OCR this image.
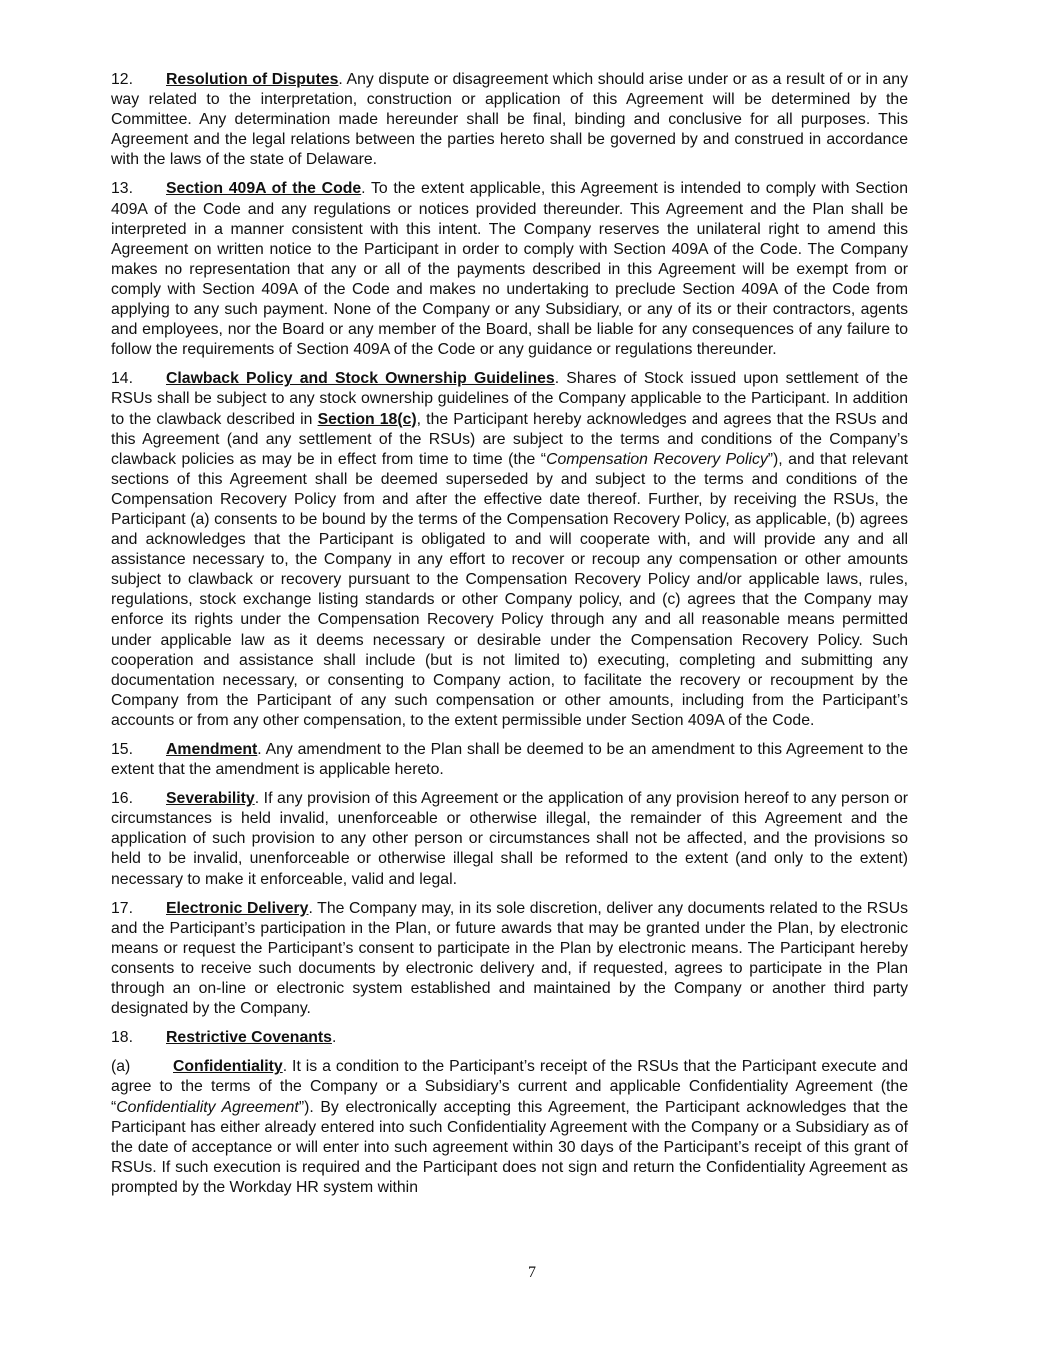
12. Resolution of Disputes. Any dispute or disagreement which should arise under or as a result of or in any way related to the interpretation, construction or application of this Agreement will be determined by the Committee. Any determination made hereunder shall be final, binding and conclusive for all purposes. This Agreement and the legal relations between the parties hereto shall be governed by and construed in accordance with the laws of the state of Delaware.

13. Section 409A of the Code. To the extent applicable, this Agreement is intended to comply with Section 409A of the Code and any regulations or notices provided thereunder. This Agreement and the Plan shall be interpreted in a manner consistent with this intent. The Company reserves the unilateral right to amend this Agreement on written notice to the Participant in order to comply with Section 409A of the Code. The Company makes no representation that any or all of the payments described in this Agreement will be exempt from or comply with Section 409A of the Code and makes no undertaking to preclude Section 409A of the Code from applying to any such payment. None of the Company or any Subsidiary, or any of its or their contractors, agents and employees, nor the Board or any member of the Board, shall be liable for any consequences of any failure to follow the requirements of Section 409A of the Code or any guidance or regulations thereunder.

14. Clawback Policy and Stock Ownership Guidelines. Shares of Stock issued upon settlement of the RSUs shall be subject to any stock ownership guidelines of the Company applicable to the Participant. In addition to the clawback described in Section 18(c), the Participant hereby acknowledges and agrees that the RSUs and this Agreement (and any settlement of the RSUs) are subject to the terms and conditions of the Company’s clawback policies as may be in effect from time to time (the “Compensation Recovery Policy”), and that relevant sections of this Agreement shall be deemed superseded by and subject to the terms and conditions of the Compensation Recovery Policy from and after the effective date thereof. Further, by receiving the RSUs, the Participant (a) consents to be bound by the terms of the Compensation Recovery Policy, as applicable, (b) agrees and acknowledges that the Participant is obligated to and will cooperate with, and will provide any and all assistance necessary to, the Company in any effort to recover or recoup any compensation or other amounts subject to clawback or recovery pursuant to the Compensation Recovery Policy and/or applicable laws, rules, regulations, stock exchange listing standards or other Company policy, and (c) agrees that the Company may enforce its rights under the Compensation Recovery Policy through any and all reasonable means permitted under applicable law as it deems necessary or desirable under the Compensation Recovery Policy. Such cooperation and assistance shall include (but is not limited to) executing, completing and submitting any documentation necessary, or consenting to Company action, to facilitate the recovery or recoupment by the Company from the Participant of any such compensation or other amounts, including from the Participant’s accounts or from any other compensation, to the extent permissible under Section 409A of the Code.

15. Amendment. Any amendment to the Plan shall be deemed to be an amendment to this Agreement to the extent that the amendment is applicable hereto.

16. Severability. If any provision of this Agreement or the application of any provision hereof to any person or circumstances is held invalid, unenforceable or otherwise illegal, the remainder of this Agreement and the application of such provision to any other person or circumstances shall not be affected, and the provisions so held to be invalid, unenforceable or otherwise illegal shall be reformed to the extent (and only to the extent) necessary to make it enforceable, valid and legal.

17. Electronic Delivery. The Company may, in its sole discretion, deliver any documents related to the RSUs and the Participant’s participation in the Plan, or future awards that may be granted under the Plan, by electronic means or request the Participant’s consent to participate in the Plan by electronic means. The Participant hereby consents to receive such documents by electronic delivery and, if requested, agrees to participate in the Plan through an on-line or electronic system established and maintained by the Company or another third party designated by the Company.

18. Restrictive Covenants.

(a)	Confidentiality. It is a condition to the Participant’s receipt of the RSUs that the Participant execute and agree to the terms of the Company or a Subsidiary’s current and applicable Confidentiality Agreement (the “Confidentiality Agreement”). By electronically accepting this Agreement, the Participant acknowledges that the Participant has either already entered into such Confidentiality Agreement with the Company or a Subsidiary as of the date of acceptance or will enter into such agreement within 30 days of the Participant’s receipt of this grant of RSUs. If such execution is required and the Participant does not sign and return the Confidentiality Agreement as prompted by the Workday HR system within

7
